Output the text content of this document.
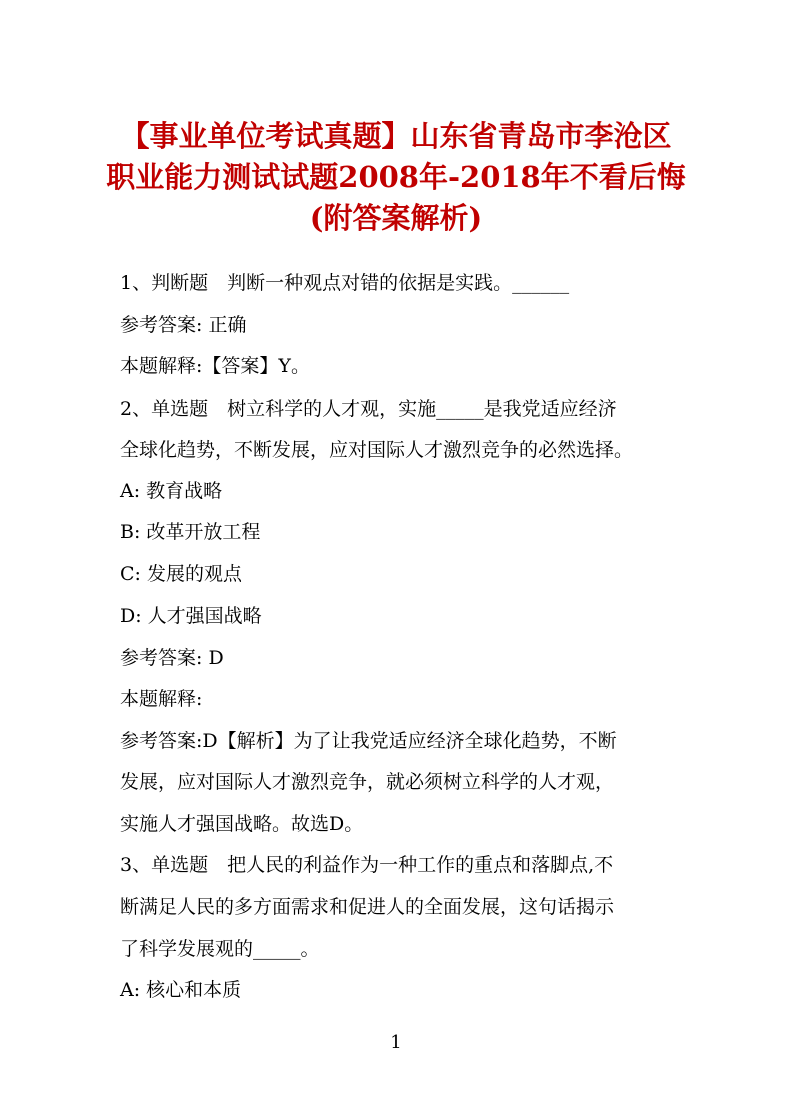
【事业单位考试真题】山东省青岛市李沧区
职业能力测试试题2008年-2018年不看后悔
(附答案解析)
1、判断题　判断一种观点对错的依据是实践。______
参考答案: 正确
本题解释:【答案】Y。
2、单选题　树立科学的人才观，实施_____是我党适应经济
全球化趋势，不断发展，应对国际人才激烈竞争的必然选择。
A: 教育战略
B: 改革开放工程
C: 发展的观点
D: 人才强国战略
参考答案: D
本题解释:
参考答案:D【解析】为了让我党适应经济全球化趋势，不断
发展，应对国际人才激烈竞争，就必须树立科学的人才观，
实施人才强国战略。故选D。
3、单选题　把人民的利益作为一种工作的重点和落脚点,不
断满足人民的多方面需求和促进人的全面发展，这句话揭示
了科学发展观的_____。
A: 核心和本质
1
